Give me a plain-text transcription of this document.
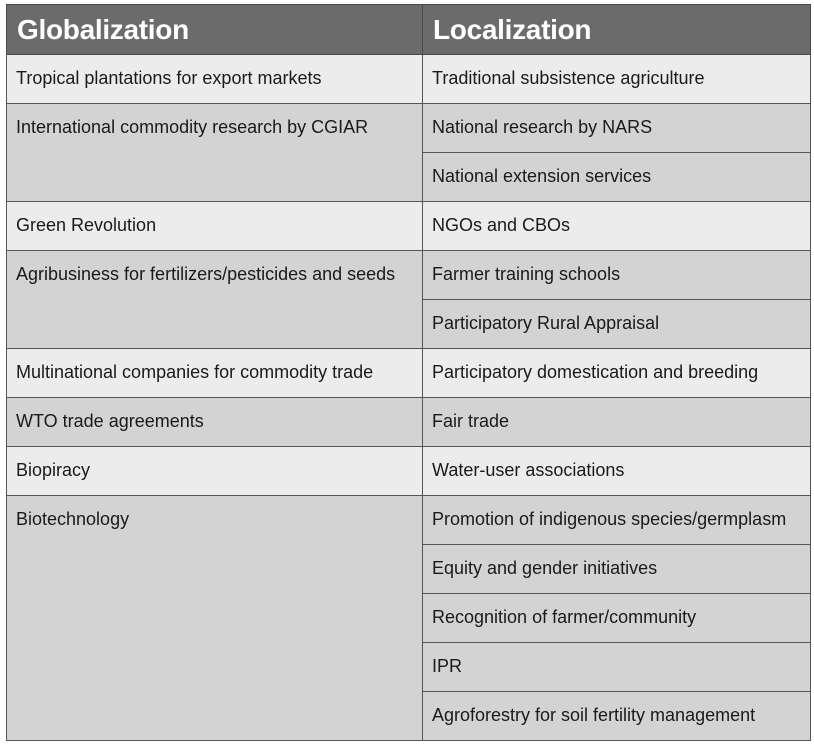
Globalization	Localization
Tropical plantations for export markets	Traditional subsistence agriculture
International commodity research by CGIAR	National research by NARS
	National extension services
Green Revolution	NGOs and CBOs
Agribusiness for fertilizers/pesticides and seeds	Farmer training schools
	Participatory Rural Appraisal
Multinational companies for commodity trade	Participatory domestication and breeding
WTO trade agreements	Fair trade
Biopiracy	Water-user associations
Biotechnology	Promotion of indigenous species/germplasm
	Equity and gender initiatives
	Recognition of farmer/community
	IPR
	Agroforestry for soil fertility management
